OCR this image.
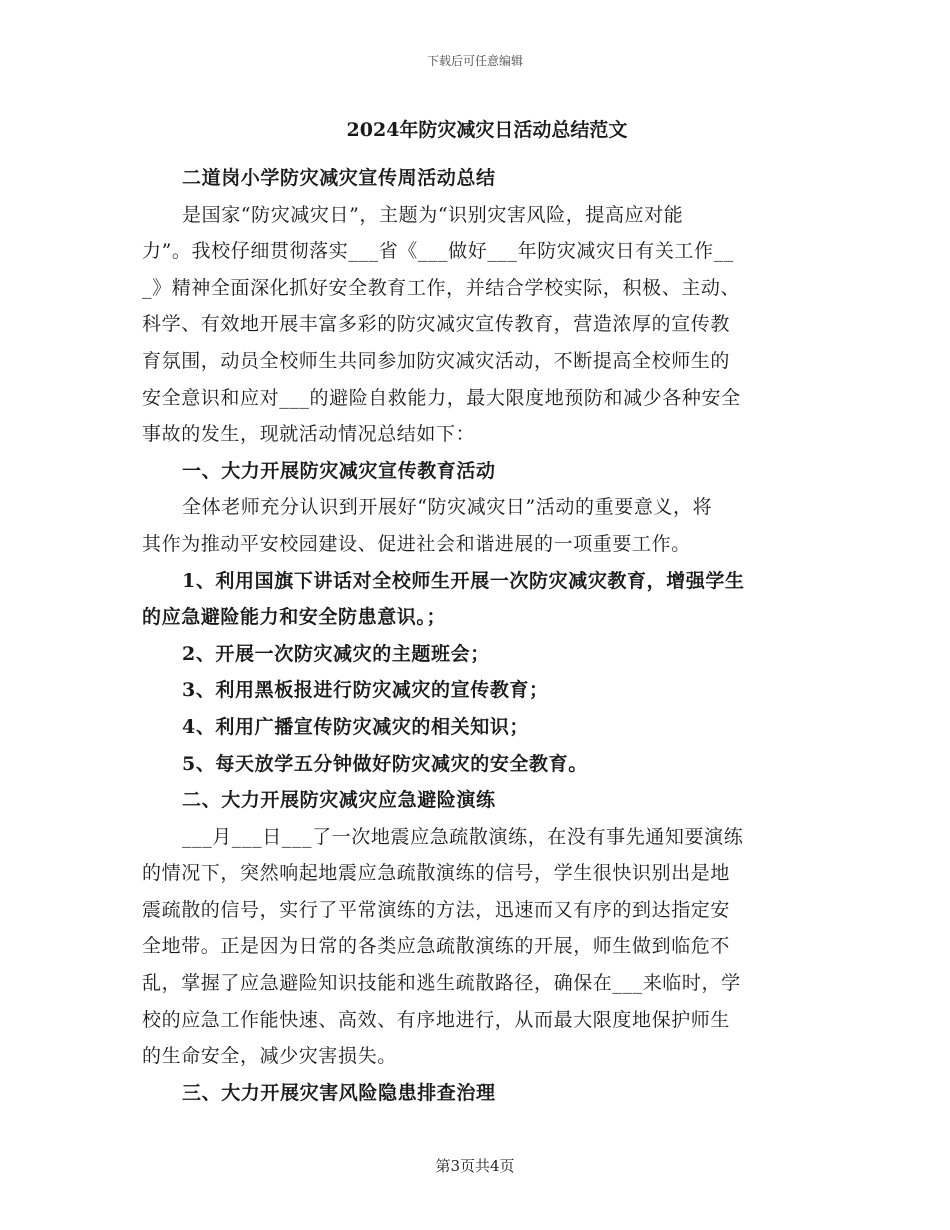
下载后可任意编辑
2024年防灾减灾日活动总结范文
二道岗小学防灾减灾宣传周活动总结
是国家“防灾减灾日”，主题为“识别灾害风险，提高应对能
力”。我校仔细贯彻落实___省《___做好___年防灾减灾日有关工作__
_》精神全面深化抓好安全教育工作，并结合学校实际，积极、主动、
科学、有效地开展丰富多彩的防灾减灾宣传教育，营造浓厚的宣传教
育氛围，动员全校师生共同参加防灾减灾活动，不断提高全校师生的
安全意识和应对___的避险自救能力，最大限度地预防和减少各种安全
事故的发生，现就活动情况总结如下：
一、大力开展防灾减灾宣传教育活动
全体老师充分认识到开展好“防灾减灾日”活动的重要意义，将
其作为推动平安校园建设、促进社会和谐进展的一项重要工作。
1、利用国旗下讲话对全校师生开展一次防灾减灾教育，增强学生
的应急避险能力和安全防患意识。；
2、开展一次防灾减灾的主题班会；
3、利用黑板报进行防灾减灾的宣传教育；
4、利用广播宣传防灾减灾的相关知识；
5、每天放学五分钟做好防灾减灾的安全教育。
二、大力开展防灾减灾应急避险演练
___月___日___了一次地震应急疏散演练，在没有事先通知要演练
的情况下，突然响起地震应急疏散演练的信号，学生很快识别出是地
震疏散的信号，实行了平常演练的方法，迅速而又有序的到达指定安
全地带。正是因为日常的各类应急疏散演练的开展，师生做到临危不
乱，掌握了应急避险知识技能和逃生疏散路径，确保在___来临时，学
校的应急工作能快速、高效、有序地进行，从而最大限度地保护师生
的生命安全，减少灾害损失。
三、大力开展灾害风险隐患排查治理
第3页共4页
